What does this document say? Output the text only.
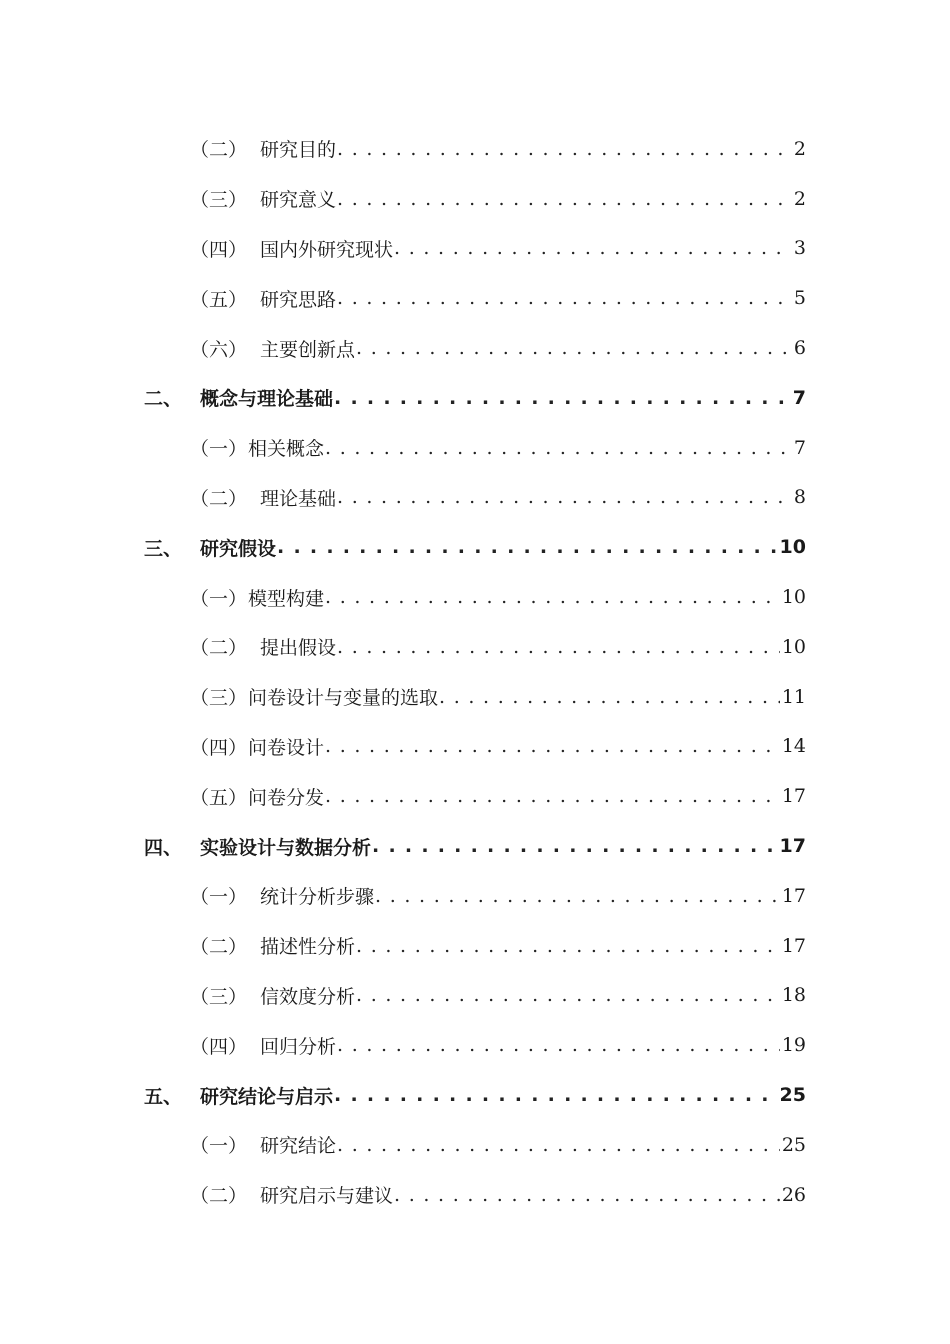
（二） 研究目的 . . .	2
（三） 研究意义 . . .	2
（四） 国内外研究现状 . . .	3
（五） 研究思路 . . .	5
（六） 主要创新点 . . .	6
二、 概念与理论基础 . . .	7
（一） 相关概念 . . .	7
（二） 理论基础 . . .	8
三、 研究假设 . . .	10
（一） 模型构建 . . .	10
（二） 提出假设 . . .	10
（三） 问卷设计与变量的选取 . . .	11
（四） 问卷设计 . . .	14
（五） 问卷分发 . . .	17
四、 实验设计与数据分析 . . .	17
（一） 统计分析步骤 . . .	17
（二） 描述性分析 . . .	17
（三） 信效度分析 . . .	18
（四） 回归分析 . . .	19
五、 研究结论与启示 . . .	25
（一） 研究结论 . . .	25
（二） 研究启示与建议 . . .	26
